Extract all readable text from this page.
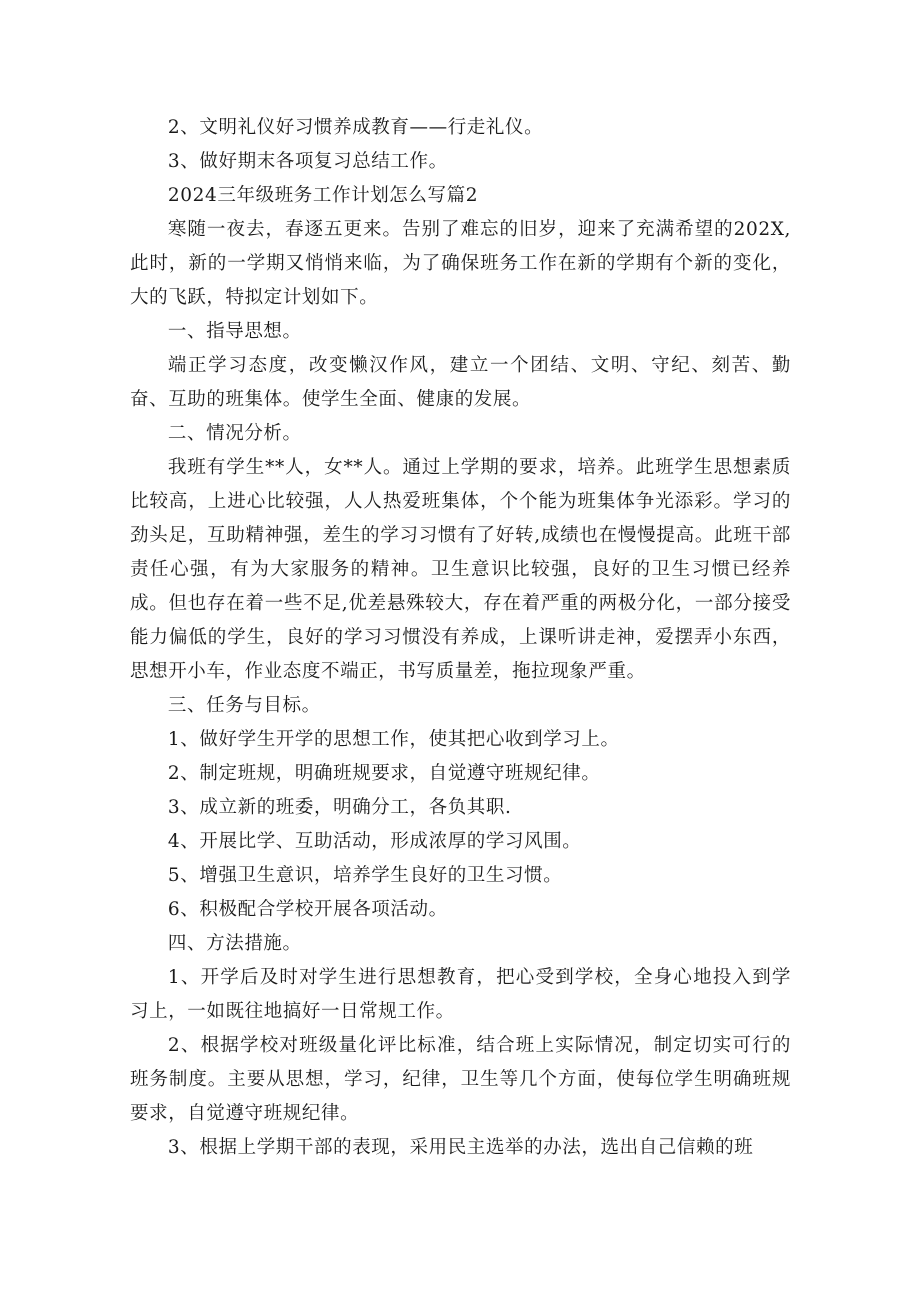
2、文明礼仪好习惯养成教育——行走礼仪。

3、做好期末各项复习总结工作。

2024三年级班务工作计划怎么写篇2

寒随一夜去，春逐五更来。告别了难忘的旧岁，迎来了充满希望的202X,此时，新的一学期又悄悄来临，为了确保班务工作在新的学期有个新的变化，大的飞跃，特拟定计划如下。

一、指导思想。

端正学习态度，改变懒汉作风，建立一个团结、文明、守纪、刻苦、勤奋、互助的班集体。使学生全面、健康的发展。

二、情况分析。

我班有学生**人，女**人。通过上学期的要求，培养。此班学生思想素质比较高，上进心比较强，人人热爱班集体，个个能为班集体争光添彩。学习的劲头足，互助精神强，差生的学习习惯有了好转,成绩也在慢慢提高。此班干部责任心强，有为大家服务的精神。卫生意识比较强，良好的卫生习惯已经养成。但也存在着一些不足,优差悬殊较大，存在着严重的两极分化，一部分接受能力偏低的学生，良好的学习习惯没有养成，上课听讲走神，爱摆弄小东西，思想开小车，作业态度不端正，书写质量差，拖拉现象严重。

三、任务与目标。

1、做好学生开学的思想工作，使其把心收到学习上。

2、制定班规，明确班规要求，自觉遵守班规纪律。

3、成立新的班委，明确分工，各负其职.

4、开展比学、互助活动，形成浓厚的学习风围。

5、增强卫生意识，培养学生良好的卫生习惯。

6、积极配合学校开展各项活动。

四、方法措施。

1、开学后及时对学生进行思想教育，把心受到学校，全身心地投入到学习上，一如既往地搞好一日常规工作。

2、根据学校对班级量化评比标准，结合班上实际情况，制定切实可行的班务制度。主要从思想，学习，纪律，卫生等几个方面，使每位学生明确班规要求，自觉遵守班规纪律。

3、根据上学期干部的表现，采用民主选举的办法，选出自己信赖的班
